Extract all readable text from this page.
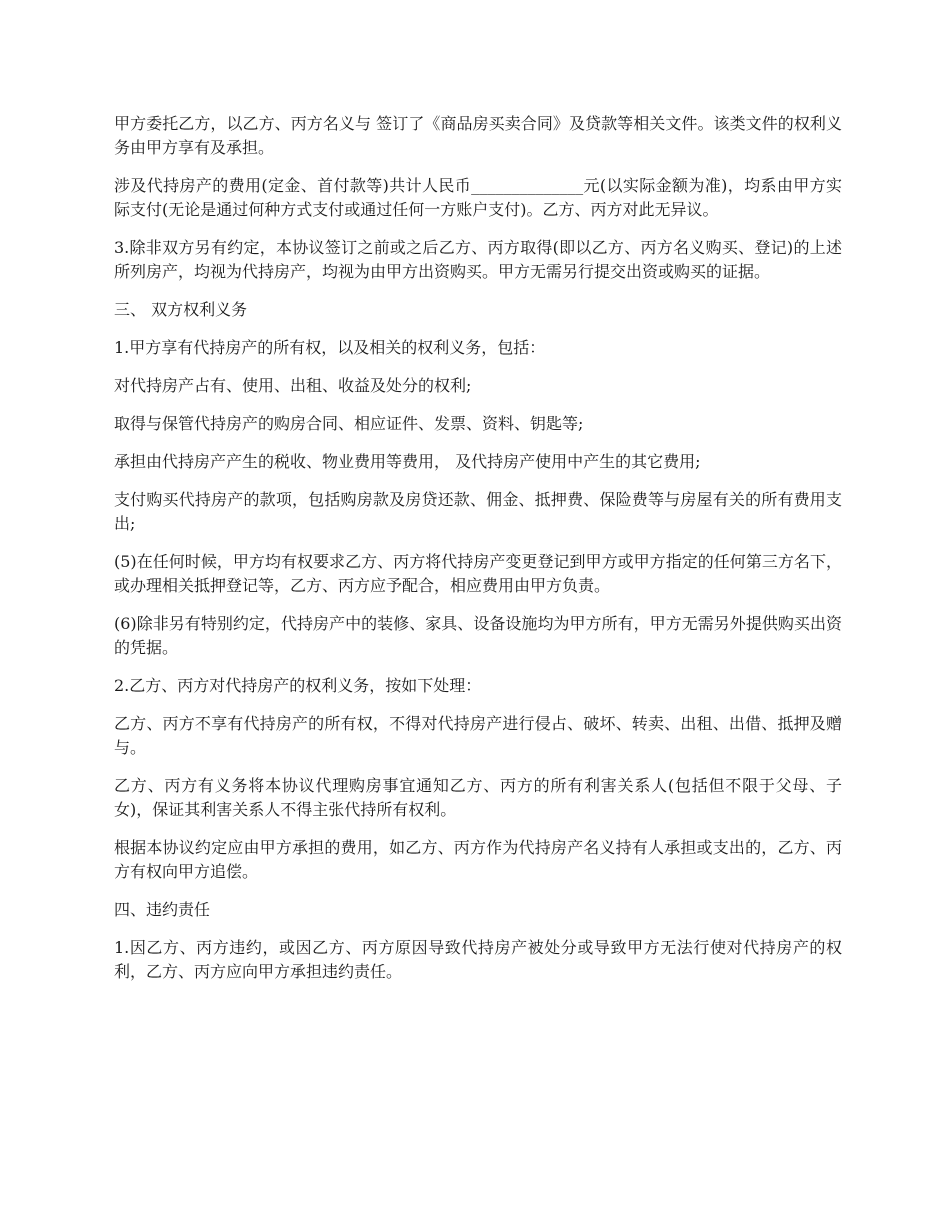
甲方委托乙方，以乙方、丙方名义与 签订了《商品房买卖合同》及贷款等相关文件。该类文件的权利义务由甲方享有及承担。

涉及代持房产的费用(定金、首付款等)共计人民币______________元(以实际金额为准)，均系由甲方实际支付(无论是通过何种方式支付或通过任何一方账户支付)。乙方、丙方对此无异议。

3.除非双方另有约定，本协议签订之前或之后乙方、丙方取得(即以乙方、丙方名义购买、登记)的上述所列房产，均视为代持房产，均视为由甲方出资购买。甲方无需另行提交出资或购买的证据。

三、 双方权利义务

1.甲方享有代持房产的所有权，以及相关的权利义务，包括：

对代持房产占有、使用、出租、收益及处分的权利;

取得与保管代持房产的购房合同、相应证件、发票、资料、钥匙等;

承担由代持房产产生的税收、物业费用等费用， 及代持房产使用中产生的其它费用;

支付购买代持房产的款项，包括购房款及房贷还款、佣金、抵押费、保险费等与房屋有关的所有费用支出;

(5)在任何时候，甲方均有权要求乙方、丙方将代持房产变更登记到甲方或甲方指定的任何第三方名下，或办理相关抵押登记等，乙方、丙方应予配合，相应费用由甲方负责。

(6)除非另有特别约定，代持房产中的装修、家具、设备设施均为甲方所有，甲方无需另外提供购买出资的凭据。

2.乙方、丙方对代持房产的权利义务，按如下处理：

乙方、丙方不享有代持房产的所有权，不得对代持房产进行侵占、破坏、转卖、出租、出借、抵押及赠与。

乙方、丙方有义务将本协议代理购房事宜通知乙方、丙方的所有利害关系人(包括但不限于父母、子女)，保证其利害关系人不得主张代持所有权利。

根据本协议约定应由甲方承担的费用，如乙方、丙方作为代持房产名义持有人承担或支出的，乙方、丙方有权向甲方追偿。

四、违约责任

1.因乙方、丙方违约，或因乙方、丙方原因导致代持房产被处分或导致甲方无法行使对代持房产的权利，乙方、丙方应向甲方承担违约责任。
